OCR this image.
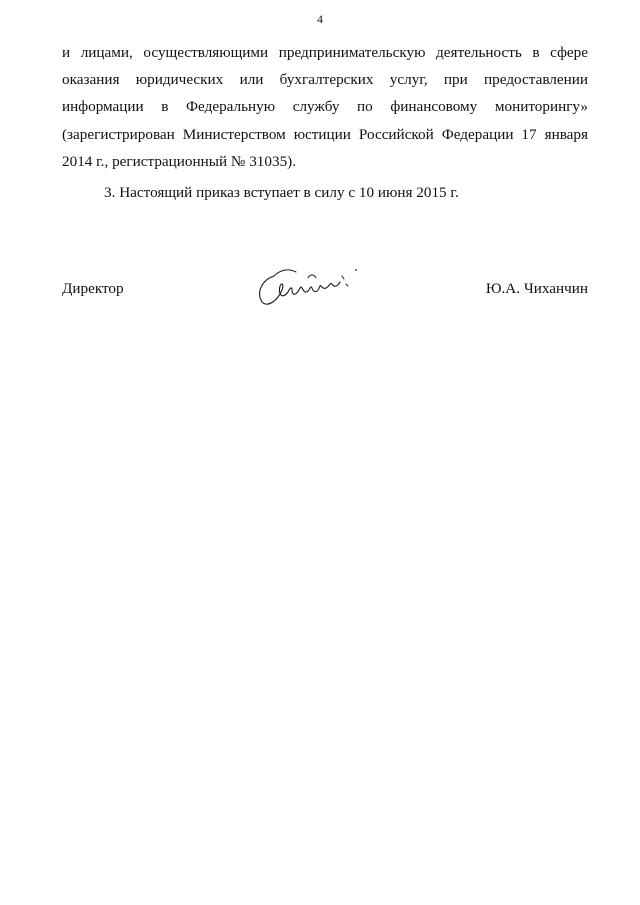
4
и лицами, осуществляющими предпринимательскую деятельность в сфере
оказания юридических или бухгалтерских услуг, при предоставлении
информации в Федеральную службу по финансовому мониторингу»
(зарегистрирован Министерством юстиции Российской Федерации 17 января
2014 г., регистрационный № 31035).
3. Настоящий приказ вступает в силу с 10 июня 2015 г.
Директор	Ю.А. Чиханчин
